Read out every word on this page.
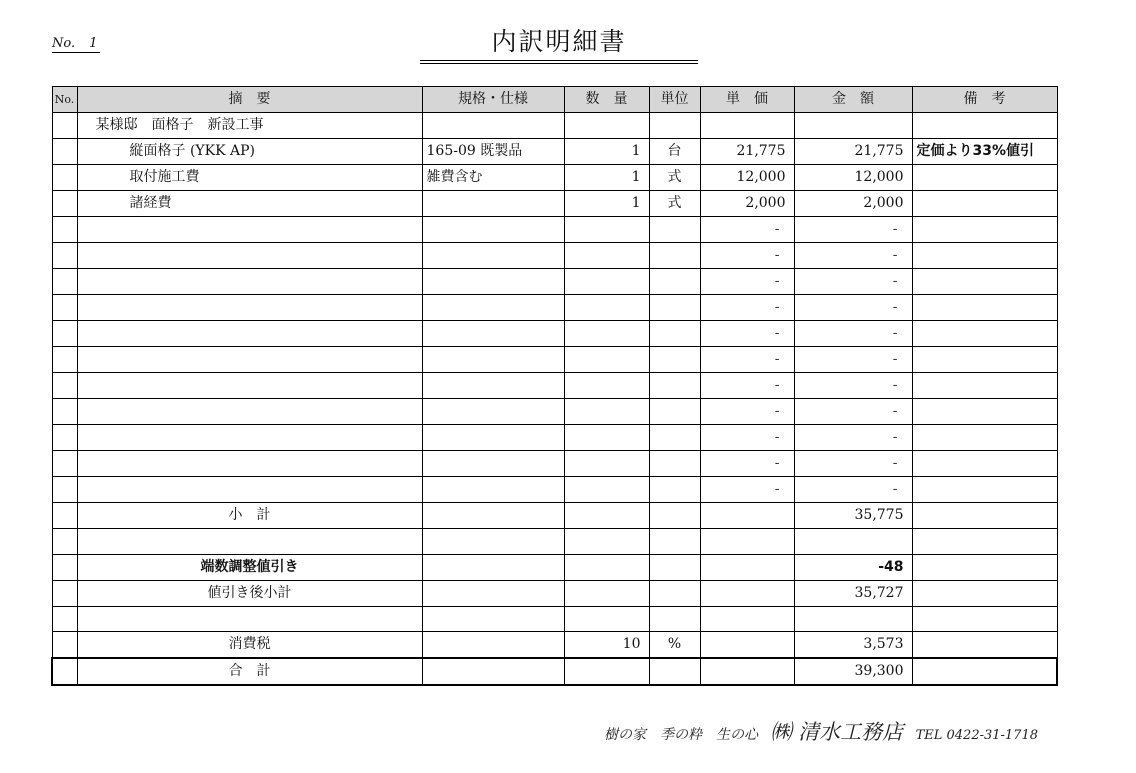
No. 1	内訳明細書
No.	摘　要	規格・仕様	数　量	単位	単　価	金　額	備　考
	某様邸　面格子　新設工事						
	縦面格子 (YKK AP)	165-09 既製品	1	台	21,775	21,775	定価より33%値引
	取付施工費	雑費含む	1	式	12,000	12,000	
	諸経費		1	式	2,000	2,000	
					-	-	
					-	-	
					-	-	
					-	-	
					-	-	
					-	-	
					-	-	
					-	-	
					-	-	
					-	-	
					-	-	
	小　計					35,775	

	端数調整値引き					-48	
	値引き後小計					35,727	

	消費税		10	%		3,573	
	合　計					39,300	
樹の家　季の粋　生の心 ㈱ 清水工務店 TEL 0422-31-1718
